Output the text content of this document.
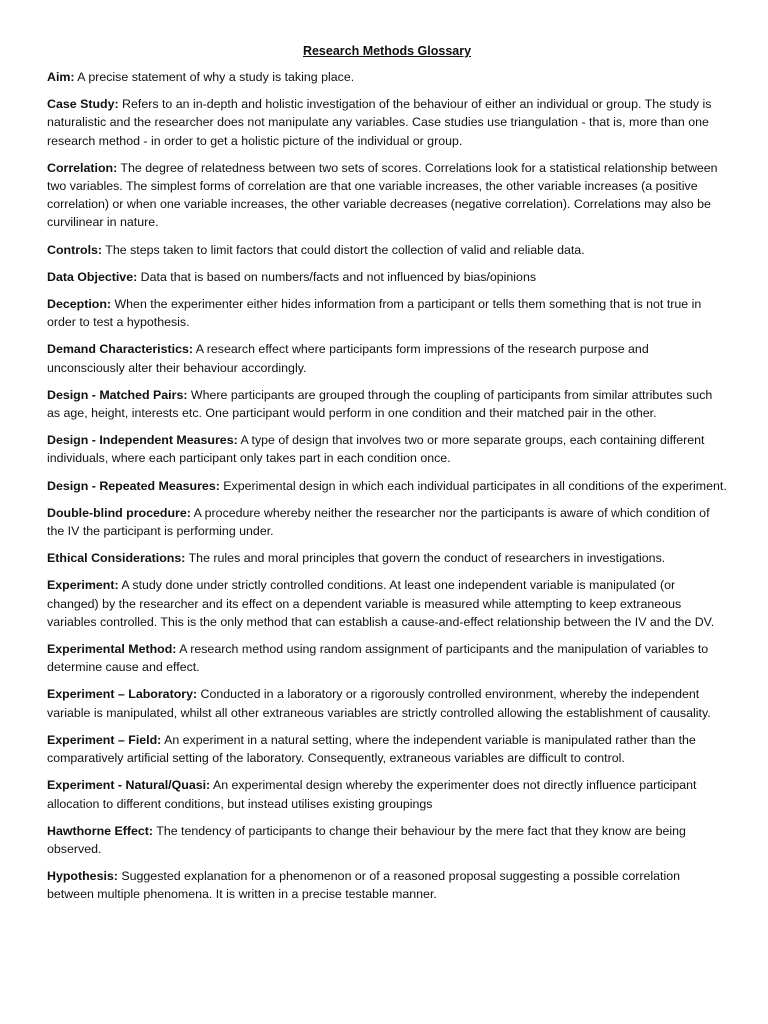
Research Methods Glossary

Aim: A precise statement of why a study is taking place.

Case Study: Refers to an in-depth and holistic investigation of the behaviour of either an individual or group. The study is naturalistic and the researcher does not manipulate any variables. Case studies use triangulation - that is, more than one research method - in order to get a holistic picture of the individual or group.

Correlation: The degree of relatedness between two sets of scores. Correlations look for a statistical relationship between two variables. The simplest forms of correlation are that one variable increases, the other variable increases (a positive correlation) or when one variable increases, the other variable decreases (negative correlation). Correlations may also be curvilinear in nature.

Controls: The steps taken to limit factors that could distort the collection of valid and reliable data.

Data Objective: Data that is based on numbers/facts and not influenced by bias/opinions

Deception: When the experimenter either hides information from a participant or tells them something that is not true in order to test a hypothesis.

Demand Characteristics: A research effect where participants form impressions of the research purpose and unconsciously alter their behaviour accordingly.

Design - Matched Pairs: Where participants are grouped through the coupling of participants from similar attributes such as age, height, interests etc. One participant would perform in one condition and their matched pair in the other.

Design - Independent Measures: A type of design that involves two or more separate groups, each containing different individuals, where each participant only takes part in each condition once.

Design - Repeated Measures: Experimental design in which each individual participates in all conditions of the experiment.

Double-blind procedure: A procedure whereby neither the researcher nor the participants is aware of which condition of the IV the participant is performing under.

Ethical Considerations: The rules and moral principles that govern the conduct of researchers in investigations.

Experiment: A study done under strictly controlled conditions. At least one independent variable is manipulated (or changed) by the researcher and its effect on a dependent variable is measured while attempting to keep extraneous variables controlled. This is the only method that can establish a cause-and-effect relationship between the IV and the DV.

Experimental Method: A research method using random assignment of participants and the manipulation of variables to determine cause and effect.

Experiment – Laboratory: Conducted in a laboratory or a rigorously controlled environment, whereby the independent variable is manipulated, whilst all other extraneous variables are strictly controlled allowing the establishment of causality.

Experiment – Field: An experiment in a natural setting, where the independent variable is manipulated rather than the comparatively artificial setting of the laboratory. Consequently, extraneous variables are difficult to control.

Experiment - Natural/Quasi: An experimental design whereby the experimenter does not directly influence participant allocation to different conditions, but instead utilises existing groupings

Hawthorne Effect: The tendency of participants to change their behaviour by the mere fact that they know are being observed.

Hypothesis: Suggested explanation for a phenomenon or of a reasoned proposal suggesting a possible correlation between multiple phenomena. It is written in a precise testable manner.
